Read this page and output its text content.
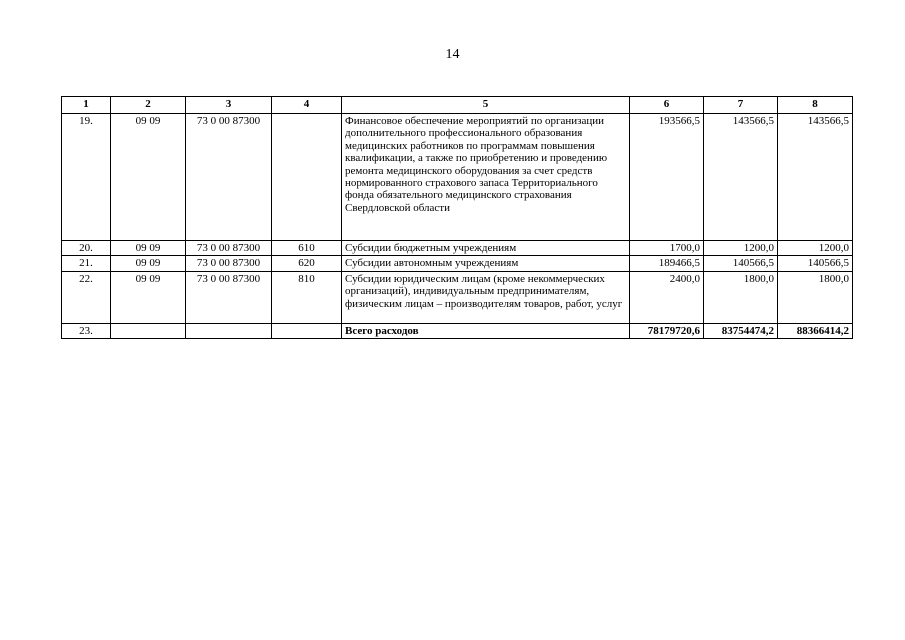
14
1	2	3	4	5	6	7	8
19.	09 09	73 0 00 87300		Финансовое обеспечение мероприятий по организации дополнительного профессионального образования медицинских работников по программам повышения квалификации, а также по приобретению и проведению ремонта медицинского оборудования за счет средств нормированного страхового запаса Территориального фонда обязательного медицинского страхования Свердловской области	193566,5	143566,5	143566,5
20.	09 09	73 0 00 87300	610	Субсидии бюджетным учреждениям	1700,0	1200,0	1200,0
21.	09 09	73 0 00 87300	620	Субсидии автономным учреждениям	189466,5	140566,5	140566,5
22.	09 09	73 0 00 87300	810	Субсидии юридическим лицам (кроме некоммерческих организаций), индивидуальным предпринимателям, физическим лицам – производителям товаров, работ, услуг	2400,0	1800,0	1800,0
23.				Всего расходов	78179720,6	83754474,2	88366414,2
